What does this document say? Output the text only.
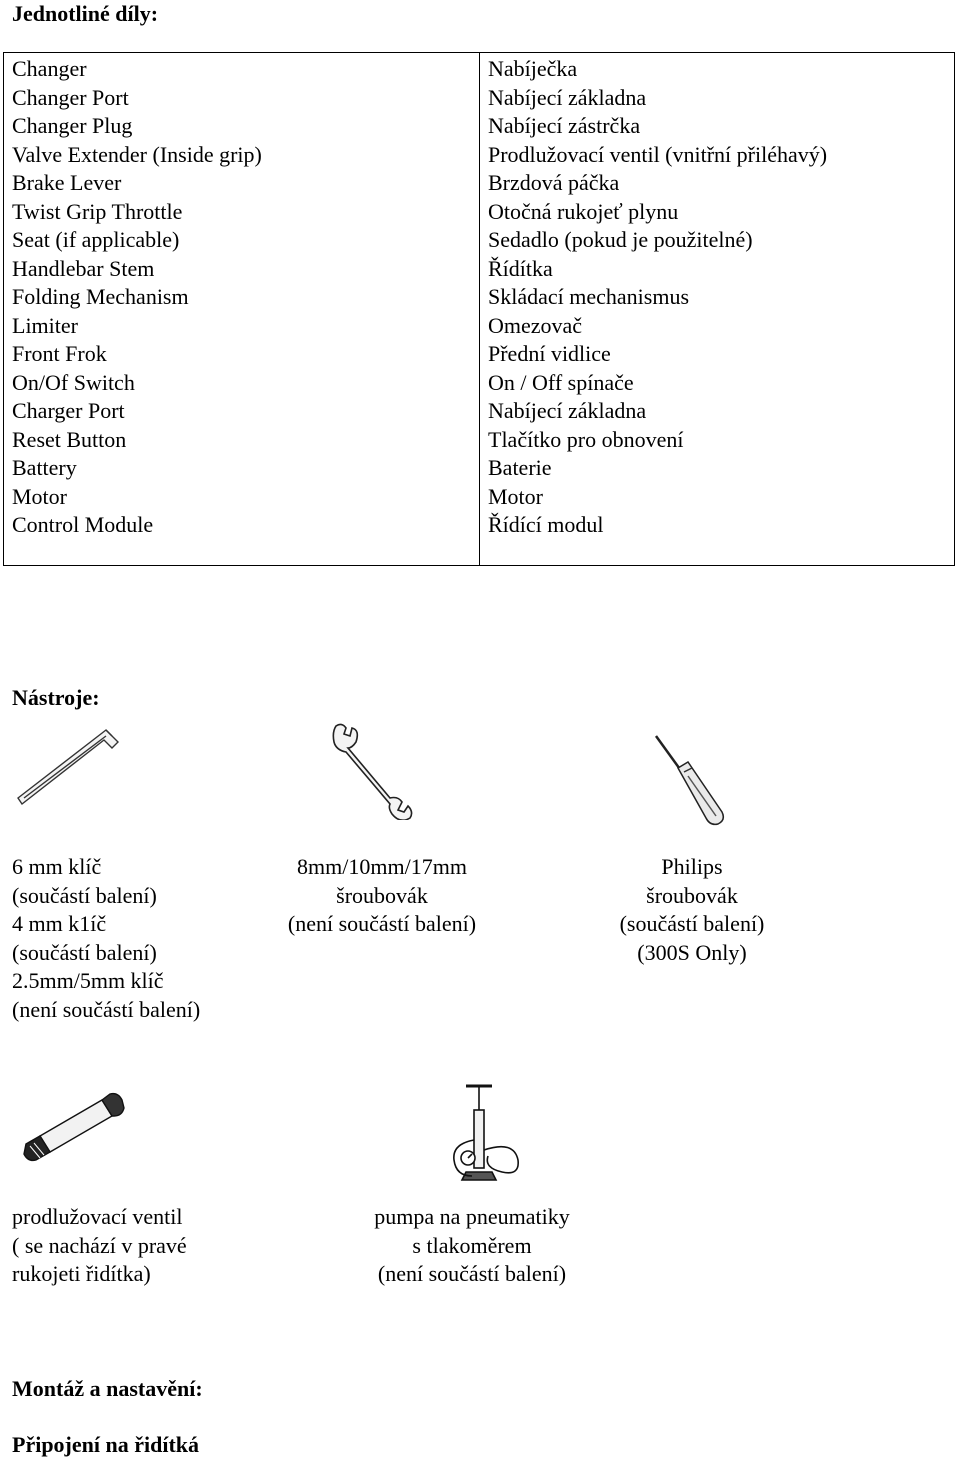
Jednotliné díly:
Changer
Changer Port
Changer Plug
Valve Extender (Inside grip)
Brake Lever
Twist Grip Throttle
Seat (if applicable)
Handlebar Stem
Folding Mechanism
Limiter
Front Frok
On/Of Switch
Charger Port
Reset Button
Battery
Motor
Control Module
Nabíječka
Nabíjecí základna
Nabíjecí zástrčka
Prodlužovací ventil (vnitřní přiléhavý)
Brzdová páčka
Otočná rukojeť plynu
Sedadlo (pokud je použitelné)
Řídítka
Skládací mechanismus
Omezovač
Přední vidlice
On / Off spínače
Nabíjecí základna
Tlačítko pro obnovení
Baterie
Motor
Řídící modul
Nástroje:
6 mm klíč
(součástí balení)
4 mm k1íč
(součástí balení)
2.5mm/5mm klíč
(není součástí balení)
8mm/10mm/17mm
šroubovák
(není součástí balení)
Philips
šroubovák
(součástí balení)
(300S Only)
prodlužovací ventil
( se nachází v pravé
rukojeti řidítka)
pumpa na pneumatiky
s tlakoměrem
(není součástí balení)
Montáž a nastavění:
Připojení na řidítká
